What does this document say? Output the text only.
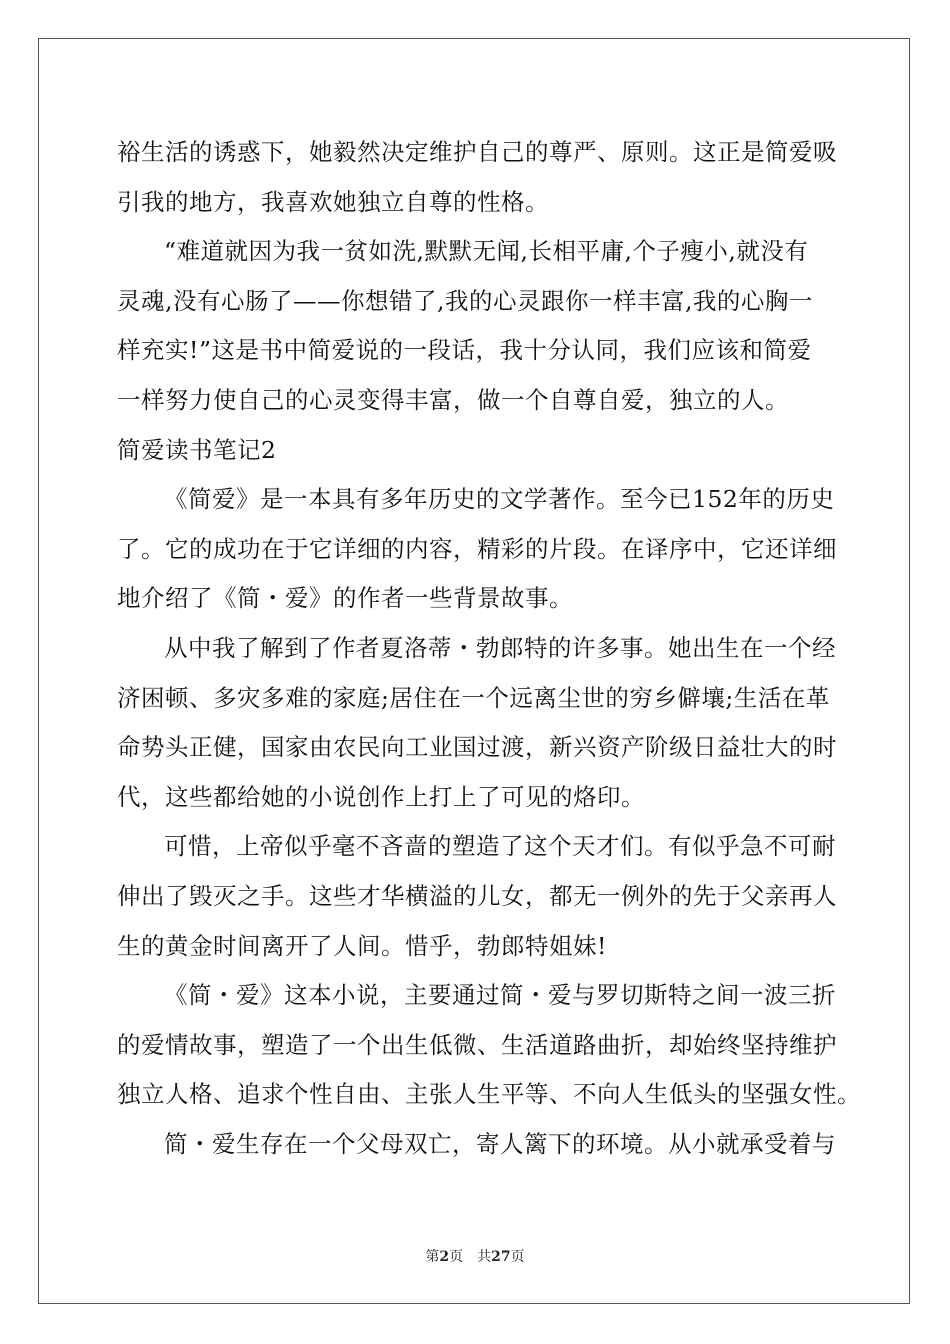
裕生活的诱惑下，她毅然决定维护自己的尊严、原则。这正是简爱吸
引我的地方，我喜欢她独立自尊的性格。
“难道就因为我一贫如洗,默默无闻,长相平庸,个子瘦小,就没有
灵魂,没有心肠了——你想错了,我的心灵跟你一样丰富,我的心胸一
样充实!”这是书中简爱说的一段话，我十分认同，我们应该和简爱
一样努力使自己的心灵变得丰富，做一个自尊自爱，独立的人。
简爱读书笔记2
《简爱》是一本具有多年历史的文学著作。至今已152年的历史
了。它的成功在于它详细的内容，精彩的片段。在译序中，它还详细
地介绍了《简・爱》的作者一些背景故事。
从中我了解到了作者夏洛蒂・勃郎特的许多事。她出生在一个经
济困顿、多灾多难的家庭;居住在一个远离尘世的穷乡僻壤;生活在革
命势头正健，国家由农民向工业国过渡，新兴资产阶级日益壮大的时
代，这些都给她的小说创作上打上了可见的烙印。
可惜，上帝似乎毫不吝啬的塑造了这个天才们。有似乎急不可耐
伸出了毁灭之手。这些才华横溢的儿女，都无一例外的先于父亲再人
生的黄金时间离开了人间。惜乎，勃郎特姐妹!
《简・爱》这本小说，主要通过简・爱与罗切斯特之间一波三折
的爱情故事，塑造了一个出生低微、生活道路曲折，却始终坚持维护
独立人格、追求个性自由、主张人生平等、不向人生低头的坚强女性。
简・爱生存在一个父母双亡，寄人篱下的环境。从小就承受着与
第2页 共27页
